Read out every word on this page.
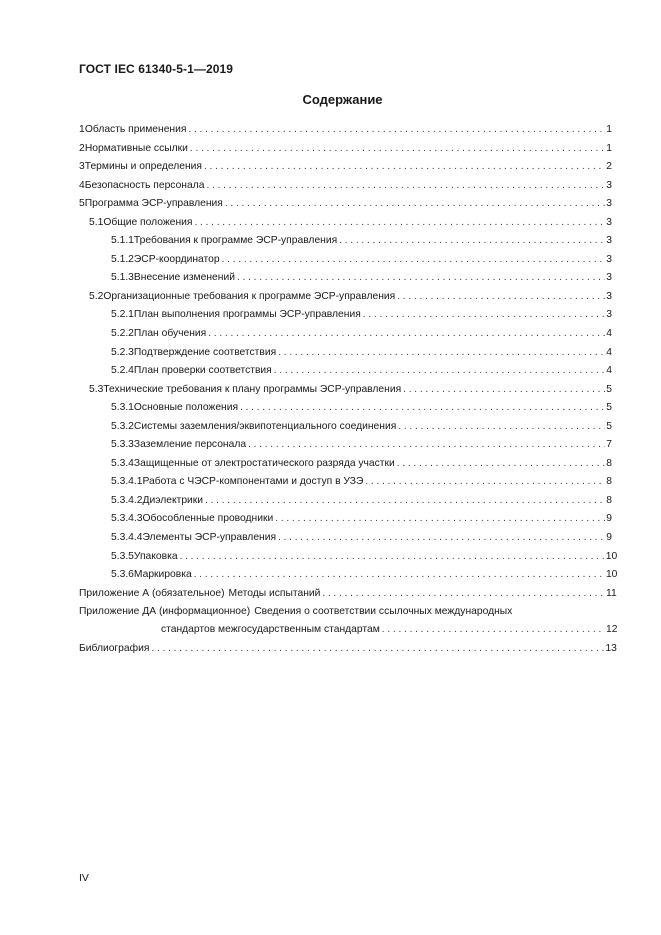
ГОСТ IEC 61340-5-1—2019
Содержание
1 Область применения . . .	1
2 Нормативные ссылки . . .	1
3 Термины и определения . . .	2
4 Безопасность персонала . . .	3
5 Программа ЭСР-управления . . .	3
5.1 Общие положения . . .	3
5.1.1 Требования к программе ЭСР-управления . . .	3
5.1.2 ЭСР-координатор . . .	3
5.1.3 Внесение изменений . . .	3
5.2 Организационные требования к программе ЭСР-управления . . .	3
5.2.1 План выполнения программы ЭСР-управления . . .	3
5.2.2 План обучения . . .	4
5.2.3 Подтверждение соответствия . . .	4
5.2.4 План проверки соответствия . . .	4
5.3 Технические требования к плану программы ЭСР-управления . . .	5
5.3.1 Основные положения . . .	5
5.3.2 Системы заземления/эквипотенциального соединения . . .	5
5.3.3 Заземление персонала . . .	7
5.3.4 Защищенные от электростатического разряда участки . . .	8
5.3.4.1 Работа с ЧЭСР-компонентами и доступ в УЗЭ . . .	8
5.3.4.2 Диэлектрики . . .	8
5.3.4.3 Обособленные проводники . . .	9
5.3.4.4 Элементы ЭСР-управления . . .	9
5.3.5 Упаковка . . .	10
5.3.6 Маркировка . . .	10
Приложение А (обязательное) Методы испытаний . . .	11
Приложение ДА (информационное) Сведения о соответствии ссылочных международных
стандартов межгосударственным стандартам . . .	12
Библиография . . .	13
IV
